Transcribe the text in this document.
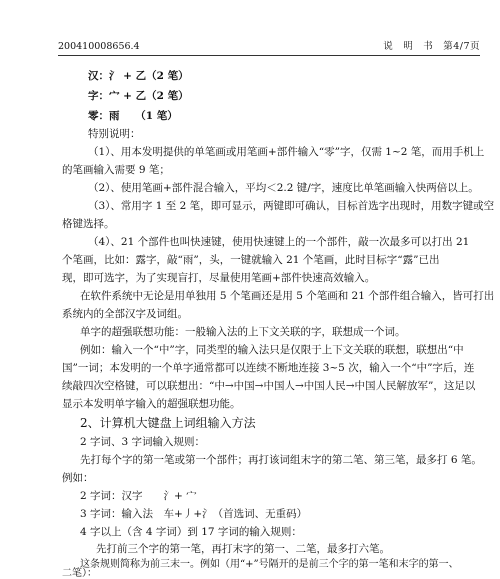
200410008656.4	说　明　书　第4/7页
汉：氵 + 乙（2 笔）
字：宀 + 乙（2 笔）
零：雨　　（1 笔）
特别说明：
（1）、用本发明提供的单笔画或用笔画+部件输入“零”字，仅需 1~2 笔，而用手机上
的笔画输入需要 9 笔；
（2）、使用笔画+部件混合输入，平均＜2.2 键/字，速度比单笔画输入快两倍以上。
（3）、常用字 1 至 2 笔，即可显示，两键即可确认，目标首选字出现时，用数字键或空
格键选择。
（4）、21 个部件也叫快速键，使用快速键上的一个部件，敲一次最多可以打出 21
个笔画，比如：露字，敲“雨”，头，一键就输入 21 个笔画，此时目标字“露”已出
现，即可选字，为了实现盲打，尽量使用笔画+部件快速高效输入。
在软件系统中无论是用单独用 5 个笔画还是用 5 个笔画和 21 个部件组合输入，皆可打出
系统内的全部汉字及词组。
单字的超强联想功能：一般输入法的上下文关联的字，联想成一个词。
例如：输入一个“中”字，同类型的输入法只是仅限于上下文关联的联想，联想出“中
国”一词；本发明的一个单字通常都可以连续不断地连接 3~5 次，输入一个“中”字后，连
续敲四次空格键，可以联想出：“中→中国→中国人→中国人民→中国人民解放军”，这足以
显示本发明单字输入的超强联想功能。
2、计算机大键盘上词组输入方法
2 字词、3 字词输入规则：
先打每个字的第一笔或第一个部件；再打该词组末字的第二笔、第三笔，最多打 6 笔。
例如：
2 字词：汉字　　氵+ 宀
3 字词：输入法　车+丿+氵（首选词、无重码）
4 字以上（含 4 字词）到 17 字词的输入规则：
先打前三个字的第一笔，再打末字的第一、二笔，最多打六笔。
这条规则简称为前三末一。例如（用“+”号隔开的是前三个字的第一笔和末字的第一、
二笔）：
